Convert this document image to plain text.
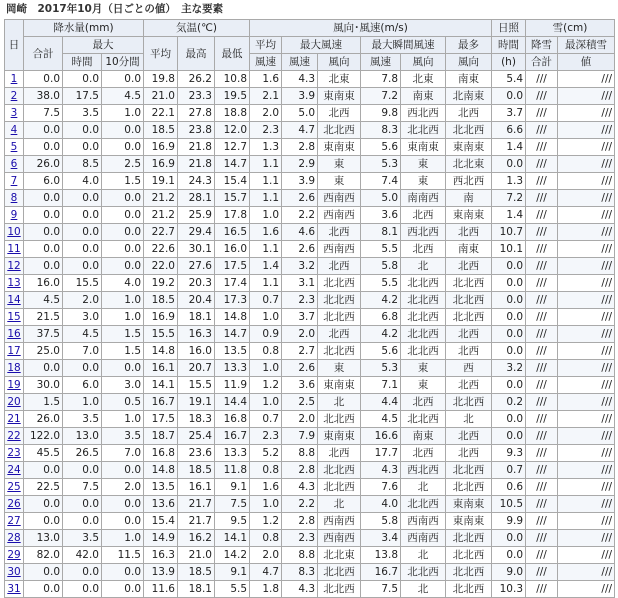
岡崎　2017年10月（日ごとの値）　主な要素
日	降水量(mm)			気温(℃)			風向･風速(m/s)						日照	雪(cm)	
	合計	最大		平均	最高	最低	平均	最大風速		最大瞬間風速		最多	時間	降雪	最深積雪
		時間	10分間				風速	風速	風向	風速	風向	風向	(h)	合計	値
1	0.0	0.0	0.0	19.8	26.2	10.8	1.6	4.3	北東	7.8	北東	南東	5.4	///	///
2	38.0	17.5	4.5	21.0	23.3	19.5	2.1	3.9	東南東	7.2	南東	北南東	0.0	///	///
3	7.5	3.5	1.0	22.1	27.8	18.8	2.0	5.0	北西	9.8	西北西	北西	3.7	///	///
4	0.0	0.0	0.0	18.5	23.8	12.0	2.3	4.7	北北西	8.3	北北西	北北西	6.6	///	///
5	0.0	0.0	0.0	16.9	21.8	12.7	1.3	2.8	東南東	5.6	東南東	東南東	1.4	///	///
6	26.0	8.5	2.5	16.9	21.8	14.7	1.1	2.9	東	5.3	東	北北東	0.0	///	///
7	6.0	4.0	1.5	19.1	24.3	15.4	1.1	3.9	東	7.4	東	西北西	1.3	///	///
8	0.0	0.0	0.0	21.2	28.1	15.7	1.1	2.6	西南西	5.0	南南西	南	7.2	///	///
9	0.0	0.0	0.0	21.2	25.9	17.8	1.0	2.2	西南西	3.6	北西	東南東	1.4	///	///
10	0.0	0.0	0.0	22.7	29.4	16.5	1.6	4.6	北西	8.1	西北西	北西	10.7	///	///
11	0.0	0.0	0.0	22.6	30.1	16.0	1.1	2.6	西南西	5.5	北西	南東	10.1	///	///
12	0.0	0.0	0.0	22.0	27.6	17.5	1.4	3.2	北西	5.8	北	北西	0.0	///	///
13	16.0	15.5	4.0	19.2	20.3	17.4	1.1	3.1	北北西	5.5	北北西	北北西	0.0	///	///
14	4.5	2.0	1.0	18.5	20.4	17.3	0.7	2.3	北北西	4.2	北北西	北北西	0.0	///	///
15	21.5	3.0	1.0	16.9	18.1	14.8	1.0	3.7	北北西	6.8	北北西	北北西	0.0	///	///
16	37.5	4.5	1.5	15.5	16.3	14.7	0.9	2.0	北西	4.2	北北西	北西	0.0	///	///
17	25.0	7.0	1.5	14.8	16.0	13.5	0.8	2.7	北北西	5.6	北北西	北西	0.0	///	///
18	0.0	0.0	0.0	16.1	20.7	13.3	1.0	2.6	東	5.3	東	西	3.2	///	///
19	30.0	6.0	3.0	14.1	15.5	11.9	1.2	3.6	東南東	7.1	東	北西	0.0	///	///
20	1.5	1.0	0.5	16.7	19.1	14.4	1.0	2.5	北	4.4	北西	北北西	0.2	///	///
21	26.0	3.5	1.0	17.5	18.3	16.8	0.7	2.0	北北西	4.5	北北西	北	0.0	///	///
22	122.0	13.0	3.5	18.7	25.4	16.7	2.3	7.9	東南東	16.6	南東	北西	0.0	///	///
23	45.5	26.5	7.0	16.8	23.6	13.3	5.2	8.8	北西	17.7	北西	北西	9.3	///	///
24	0.0	0.0	0.0	14.8	18.5	11.8	0.8	2.8	北北西	4.3	西北西	北北西	0.7	///	///
25	22.5	7.5	2.0	13.5	16.1	9.1	1.6	4.3	北北西	7.6	北	北北西	0.6	///	///
26	0.0	0.0	0.0	13.6	21.7	7.5	1.0	2.2	北	4.0	北北西	東南東	10.5	///	///
27	0.0	0.0	0.0	15.4	21.7	9.5	1.2	2.8	西南西	5.8	西南西	東南東	9.9	///	///
28	13.0	3.5	1.0	14.9	16.2	14.1	0.8	2.3	西南西	3.4	西南西	北北西	0.0	///	///
29	82.0	42.0	11.5	16.3	21.0	14.2	2.0	8.8	北北東	13.8	北	北北西	0.0	///	///
30	0.0	0.0	0.0	13.9	18.5	9.1	4.7	8.3	北北西	16.7	北北西	北北西	9.0	///	///
31	0.0	0.0	0.0	11.6	18.1	5.5	1.8	4.3	北北西	7.5	北	北北西	10.3	///	///
